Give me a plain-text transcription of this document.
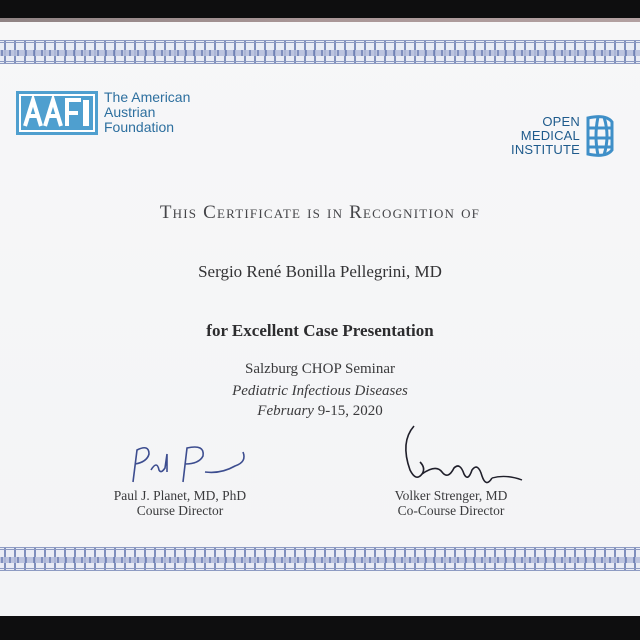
The American
Austrian
Foundation	OPEN
MEDICAL
INSTITUTE
This Certificate is in Recognition of
Sergio René Bonilla Pellegrini, MD
for Excellent Case Presentation
Salzburg CHOP Seminar
Pediatric Infectious Diseases
February 9-15, 2020
Paul J. Planet, MD, PhD
Course Director
Volker Strenger, MD
Co-Course Director
